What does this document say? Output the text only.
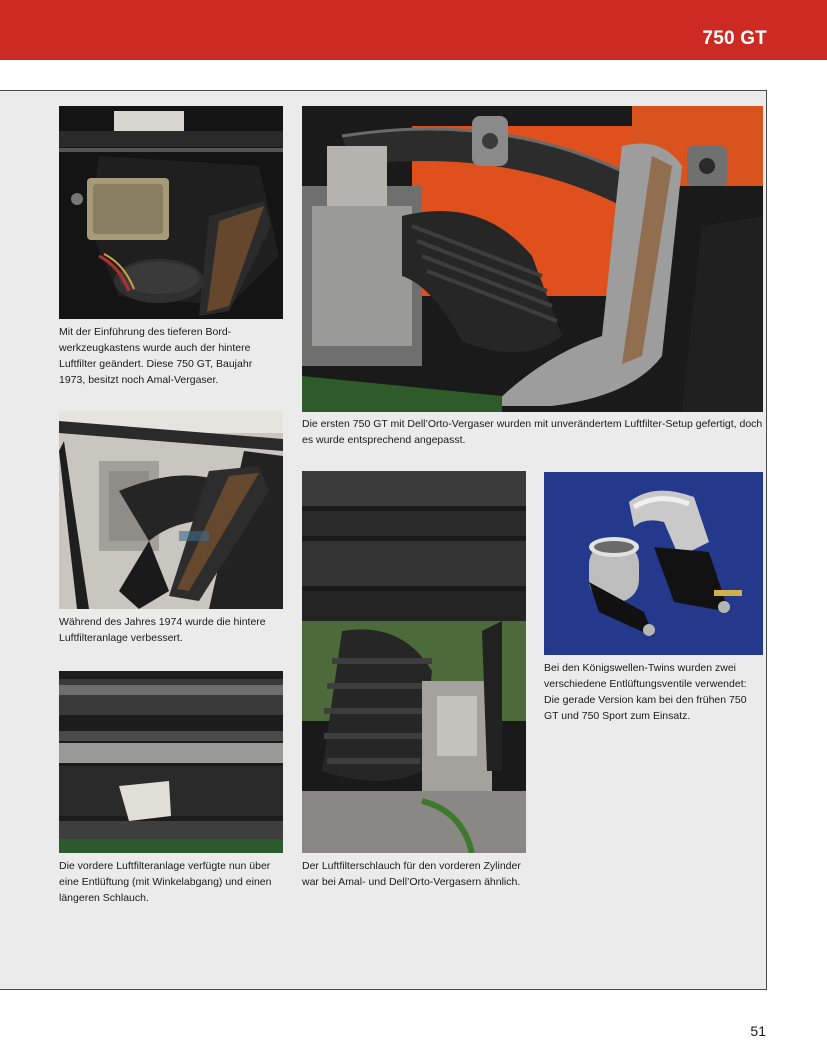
750 GT

Mit der Einführung des tieferen Bord-werkzeugkastens wurde auch der hintere Luftfilter geändert. Diese 750 GT, Baujahr 1973, besitzt noch Amal-Vergaser.

Die ersten 750 GT mit Dell’Orto-Vergaser wurden mit unverändertem Luftfilter-Setup gefertigt, doch es wurde entsprechend angepasst.

Während des Jahres 1974 wurde die hintere Luftfilteranlage verbessert.

Die vordere Luftfilteranlage verfügte nun über eine Entlüftung (mit Winkelabgang) und einen längeren Schlauch.

Der Luftfilterschlauch für den vorderen Zylinder war bei Amal- und Dell’Orto-Vergasern ähnlich.

Bei den Königswellen-Twins wurden zwei verschiedene Entlüftungsventile verwendet: Die gerade Version kam bei den frühen 750 GT und 750 Sport zum Einsatz.

51
